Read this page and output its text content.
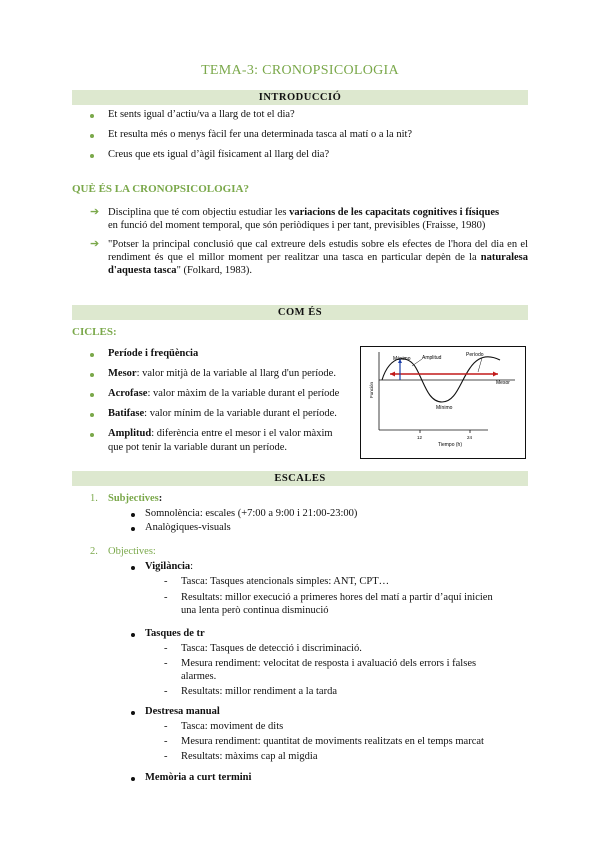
TEMA-3: CRONOPSICOLOGIA
INTRODUCCIÓ
Et sents igual d’actiu/va a llarg de tot el dia?
Et resulta més o menys fàcil fer una determinada tasca al matí o a la nit?
Creus que ets igual d’àgil físicament al llarg del dia?
QUÈ ÉS LA CRONOPSICOLOGIA?
➔ Disciplina que té com objectiu estudiar les variacions de les capacitats cognitives i físiques
en funció del moment temporal, que són periòdiques i per tant, previsibles (Fraisse, 1980)
➔ "Potser la principal conclusió que cal extreure dels estudis sobre els efectes de l'hora del dia en el rendiment és que el millor moment per realitzar una tasca en particular depèn de la naturalesa d'aquesta tasca" (Folkard, 1983).
COM ÉS
CICLES:
Període i freqüència
Mesor: valor mitjà de la variable al llarg d'un període.
Acrofase: valor màxim de la variable durant el període
Batifase: valor mínim de la variable durant el període.
Amplitud: diferència entre el mesor i el valor màxim
que pot tenir la variable durant un període.
Máximo Amplitud	Período
Mesor
Mínimo
Función
12	24
Tiempo (h)
ESCALES
1. Subjectives:
Somnolència: escales (+7:00 a 9:00 i 21:00-23:00)
Analògiques-visuals
2. Objectives:
Vigilància:
- Tasca: Tasques atencionals simples: ANT, CPT…
- Resultats: millor execució a primeres hores del matí a partir d’aquí inicien
una lenta però continua disminució
Tasques de tr
- Tasca: Tasques de detecció i discriminació.
- Mesura rendiment: velocitat de resposta i avaluació dels errors i falses
alarmes.
- Resultats: millor rendiment a la tarda
Destresa manual
- Tasca: moviment de dits
- Mesura rendiment: quantitat de moviments realitzats en el temps marcat
- Resultats: màxims cap al migdia
Memòria a curt termini
